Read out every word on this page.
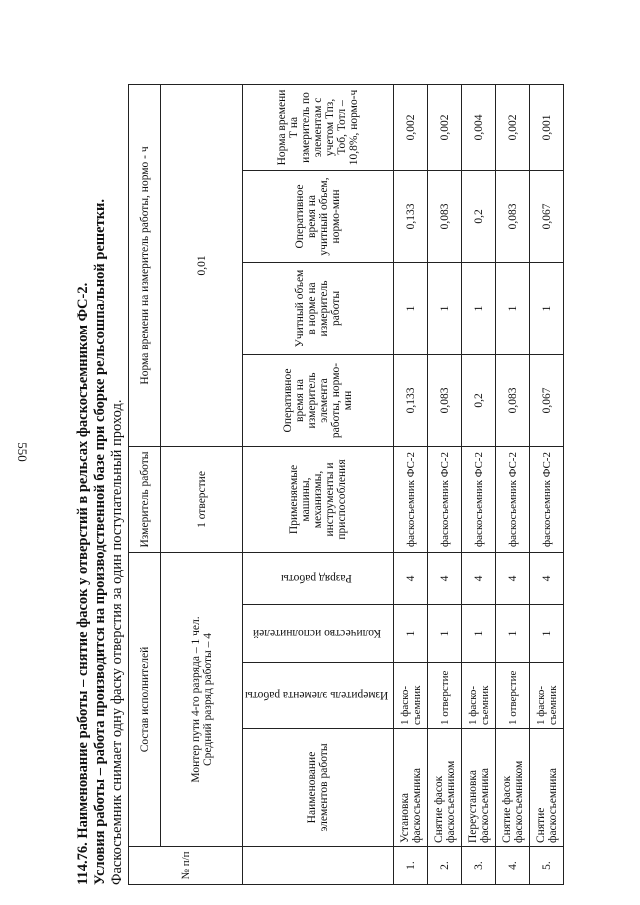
550	114.76. Наименование работы – снятие фасок у отверстий в рельсах фаскосъемником ФС-2. Условия работы – работа производится на производственной базе при сборке рельсошпальной решетки. Фаскосъемник снимает одну фаску отверстия за один поступательный проход.	№ п/п	Состав исполнителей				Измеритель работы	Норма времени на измеритель работы, нормо - ч			

	Монтер пути 4-го разряда – 1 чел. Средний разряд работы – 4				1 отверстие	0,01			
	Наименование элементов работы	Измеритель элемента работы	Количество исполнителей	Разряд работы	Применяемые машины, механизмы, инструменты и приспособления	Оперативное время на измеритель элемента работы, нормо-мин	Учитный объем в норме на измеритель работы	Оперативное время на учитный объем, нормо-мин	Норма времени Т на измеритель по элементам с учетом Тпз, Тоб, Тотл – 10,8%, нормо-ч
1.	Установка фаскосъемника	1 фаско-съемник	1	4	фаскосъемник ФС-2	0,133	1	0,133	0,002
2.	Снятие фасок фаскосъемником	1 отверстие	1	4	фаскосъемник ФС-2	0,083	1	0,083	0,002
3.	Переустановка фаскосъемника	1 фаско-съемник	1	4	фаскосъемник ФС-2	0,2	1	0,2	0,004
4.	Снятие фасок фаскосъемником	1 отверстие	1	4	фаскосъемник ФС-2	0,083	1	0,083	0,002
5.	Снятие фаскосъемника	1 фаско-съемник	1	4	фаскосъемник ФС-2	0,067	1	0,067	0,001
